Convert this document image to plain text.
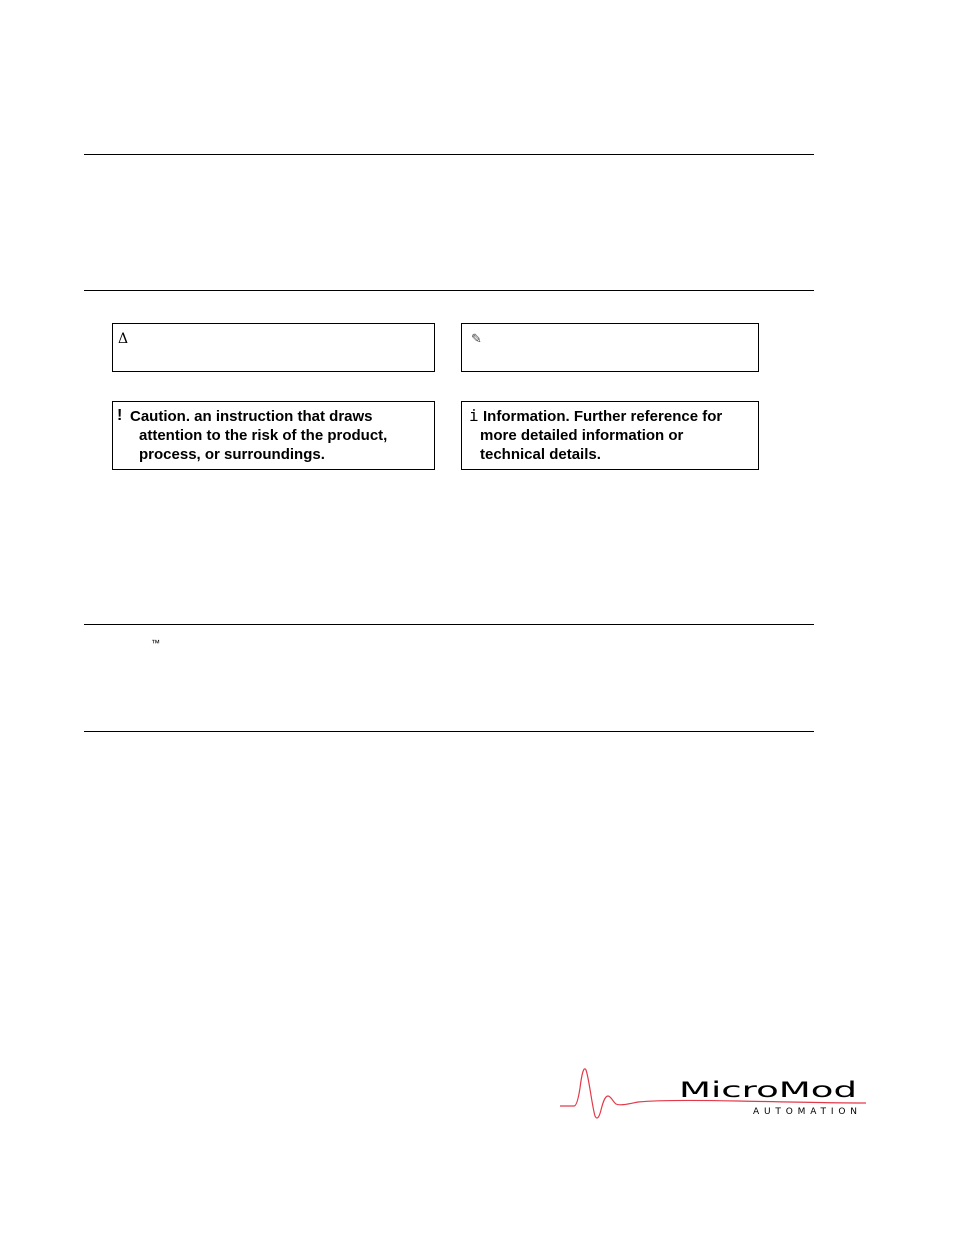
Δ	✎
! Caution. an instruction that draws
attention to the risk of the product,
process, or surroundings.
i Information. Further reference for
more detailed information or
technical details.
™
MicroMod
AUTOMATION
